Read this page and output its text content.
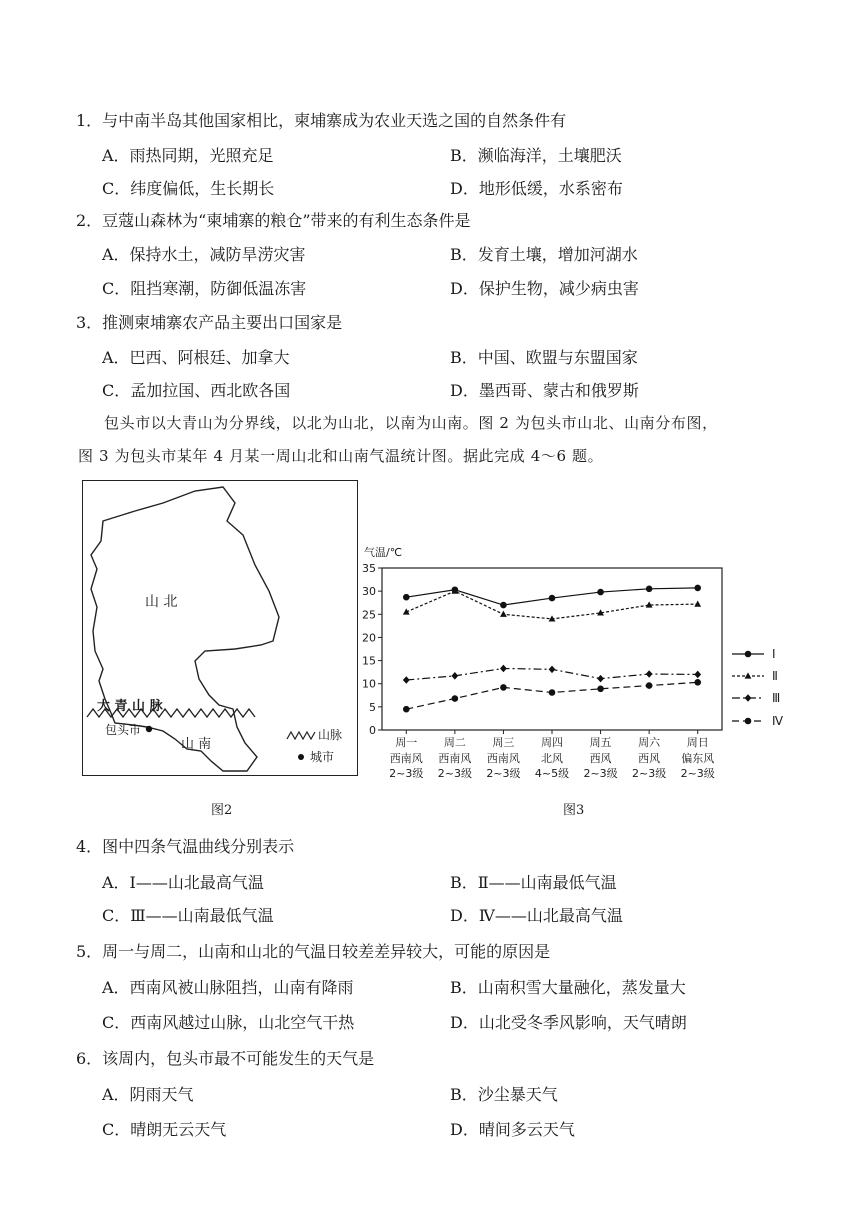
1．与中南半岛其他国家相比，柬埔寨成为农业天选之国的自然条件有
A．雨热同期，光照充足	B．濒临海洋，土壤肥沃
C．纬度偏低，生长期长	D．地形低缓，水系密布
2．豆蔻山森林为“柬埔寨的粮仓”带来的有利生态条件是
A．保持水土，减防旱涝灾害	B．发育土壤，增加河湖水
C．阻挡寒潮，防御低温冻害	D．保护生物，减少病虫害
3．推测柬埔寨农产品主要出口国家是
A．巴西、阿根廷、加拿大	B．中国、欧盟与东盟国家
C．孟加拉国、西北欧各国	D．墨西哥、蒙古和俄罗斯
包头市以大青山为分界线，以北为山北，以南为山南。图 2 为包头市山北、山南分布图，
图 3 为包头市某年 4 月某一周山北和山南气温统计图。据此完成 4～6 题。
山 北
大 青 山 脉
包头市
山 南
山脉
城市
图2
气温/℃
0
5
10
15
20
25
30
35
周一
西南风
2~3级
周二
西南风
2~3级
周三
西南风
2~3级
周四
北风
4~5级
周五
西风
2~3级
周六
西风
2~3级
周日
偏东风
2~3级
Ⅰ
Ⅱ
Ⅲ
Ⅳ
图3
4．图中四条气温曲线分别表示
A．Ⅰ——山北最高气温	B．Ⅱ——山南最低气温
C．Ⅲ——山南最低气温	D．Ⅳ——山北最高气温
5．周一与周二，山南和山北的气温日较差差异较大，可能的原因是
A．西南风被山脉阻挡，山南有降雨	B．山南积雪大量融化，蒸发量大
C．西南风越过山脉，山北空气干热	D．山北受冬季风影响，天气晴朗
6．该周内，包头市最不可能发生的天气是
A．阴雨天气	B．沙尘暴天气
C．晴朗无云天气	D．晴间多云天气
